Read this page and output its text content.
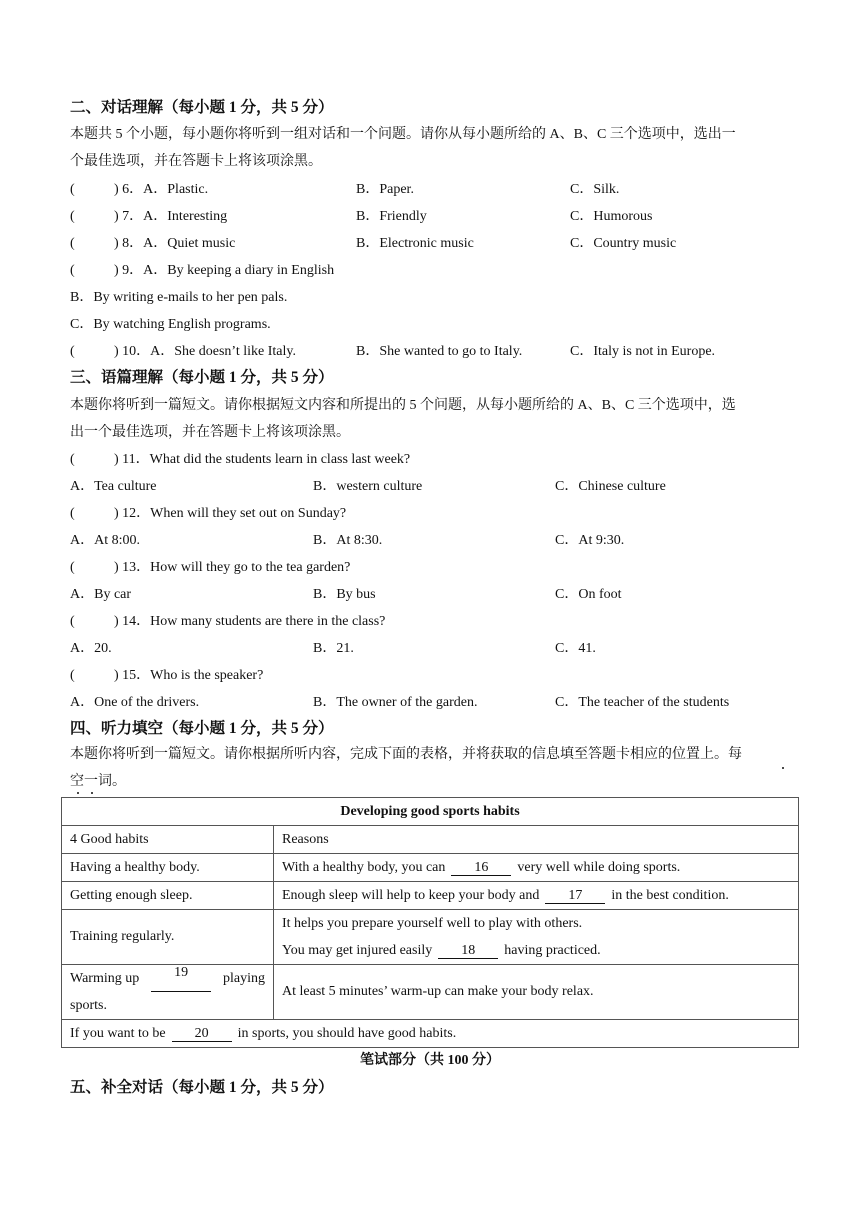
二、对话理解（每小题 1 分，共 5 分）
本题共 5 个小题，每小题你将听到一组对话和一个问题。请你从每小题所给的 A、B、C 三个选项中，选出一
个最佳选项，并在答题卡上将该项涂黑。
(	) 6．A．Plastic.	B．Paper.	C．Silk.
(	) 7．A．Interesting	B．Friendly	C．Humorous
(	) 8．A．Quiet music	B．Electronic music	C．Country music
(	) 9．A．By keeping a diary in English
B．By writing e-mails to her pen pals.
C．By watching English programs.
(	) 10．A．She doesn’t like Italy.	B．She wanted to go to Italy.	C．Italy is not in Europe.
三、语篇理解（每小题 1 分，共 5 分）
本题你将听到一篇短文。请你根据短文内容和所提出的 5 个问题，从每小题所给的 A、B、C 三个选项中，选
出一个最佳选项，并在答题卡上将该项涂黑。
(	) 11．What did the students learn in class last week?
A．Tea culture	B．western culture	C．Chinese culture
(	) 12．When will they set out on Sunday?
A．At 8:00.	B．At 8:30.	C．At 9:30.
(	) 13．How will they go to the tea garden?
A．By car	B．By bus	C．On foot
(	) 14．How many students are there in the class?
A．20.	B．21.	C．41.
(	) 15．Who is the speaker?
A．One of the drivers.	B．The owner of the garden.	C．The teacher of the students
四、听力填空（每小题 1 分，共 5 分）
本题你将听到一篇短文。请你根据所听内容，完成下面的表格，并将获取的信息填至答题卡相应的位置上。每
空一词。
Developing good sports habits	
4 Good habits	Reasons
Having a healthy body.	With a healthy body, you can 16 very well while doing sports.
Getting enough sleep.	Enough sleep will help to keep your body and 17 in the best condition.
Training regularly.	It helps you prepare yourself well to play with others.
You may get injured easily 18 having practiced.

Warming up 19 playing
sports.	At least 5 minutes’ warm-up can make your body relax.
If you want to be 20 in sports, you should have good habits.	
笔试部分（共 100 分）
五、补全对话（每小题 1 分，共 5 分）
